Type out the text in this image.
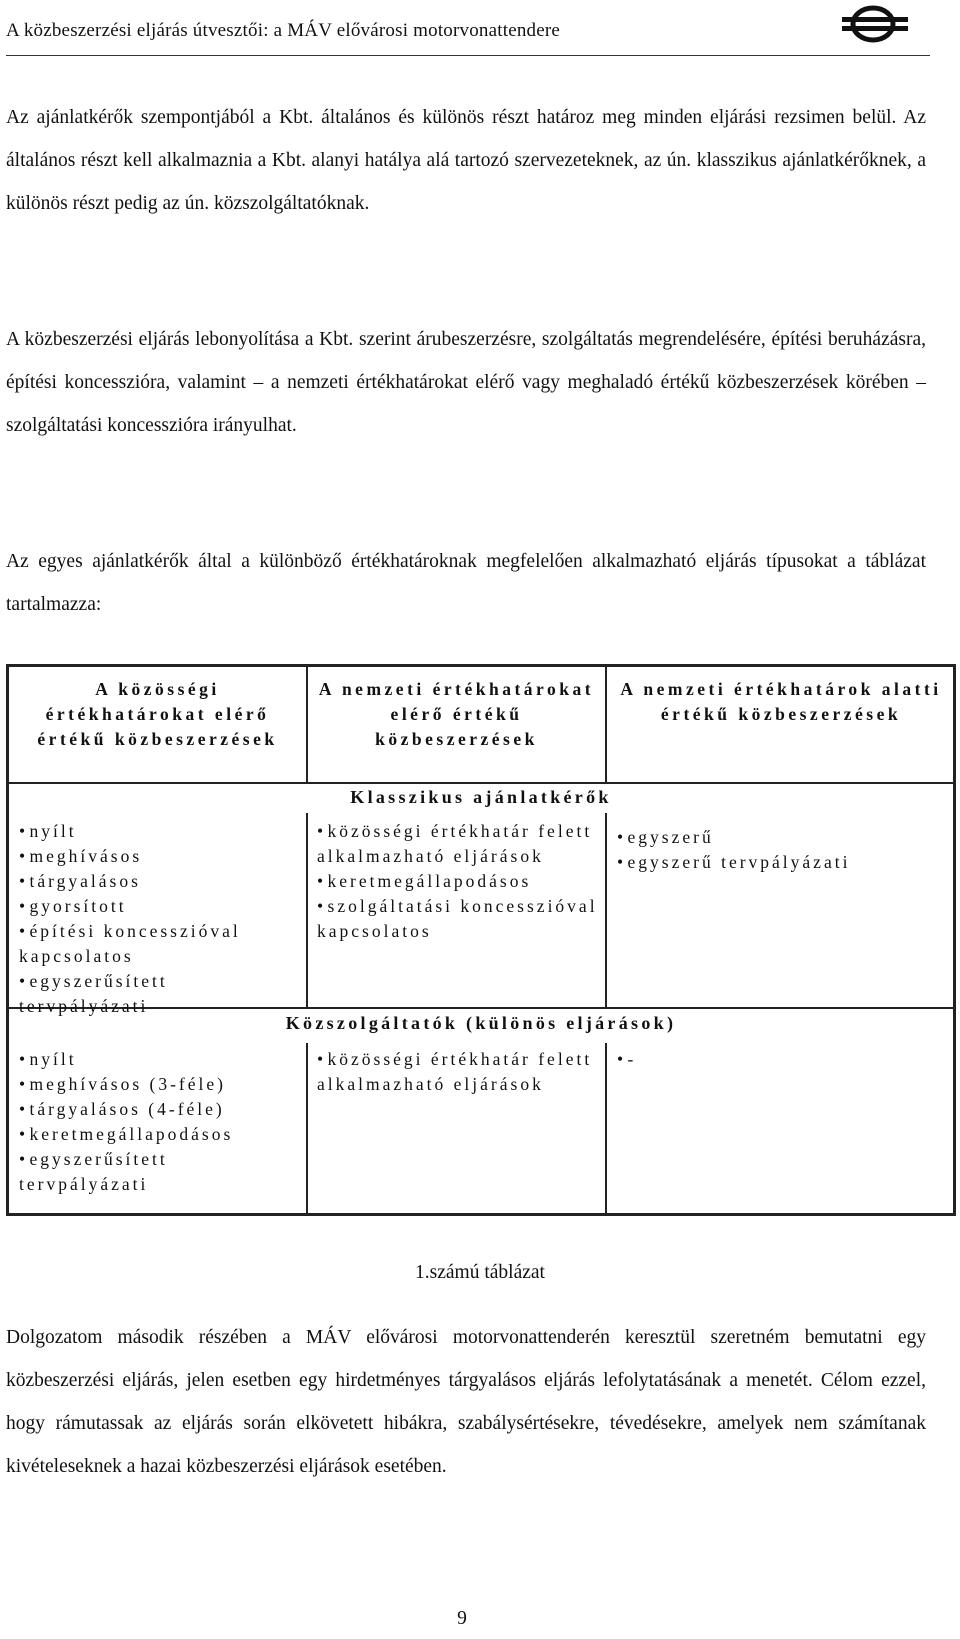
A közbeszerzési eljárás útvesztői: a MÁV elővárosi motorvonattendere
Az ajánlatkérők szempontjából a Kbt. általános és különös részt határoz meg minden eljárási rezsimen belül. Az általános részt kell alkalmaznia a Kbt. alanyi hatálya alá tartozó szervezeteknek, az ún. klasszikus ajánlatkérőknek, a különös részt pedig az ún. közszolgáltatóknak.
A közbeszerzési eljárás lebonyolítása a Kbt. szerint árubeszerzésre, szolgáltatás megrendelésére, építési beruházásra, építési koncesszióra, valamint – a nemzeti értékhatárokat elérő vagy meghaladó értékű közbeszerzések körében – szolgáltatási koncesszióra irányulhat.
Az egyes ajánlatkérők által a különböző értékhatároknak megfelelően alkalmazható eljárás típusokat a táblázat tartalmazza:
A közösségi értékhatárokat elérő értékű közbeszerzések
A nemzeti értékhatárokat elérő értékű közbeszerzések
A nemzeti értékhatárok alatti értékű közbeszerzések
Klasszikus ajánlatkérők
• nyílt
• meghívásos
• tárgyalásos
• gyorsított
• építési koncesszióval kapcsolatos
• egyszerűsített tervpályázati
• közösségi értékhatár felett alkalmazható eljárások
• keretmegállapodásos
• szolgáltatási koncesszióval kapcsolatos
• egyszerű
• egyszerű tervpályázati
Közszolgáltatók (különös eljárások)
• nyílt
• meghívásos (3-féle)
• tárgyalásos (4-féle)
• keretmegállapodásos
• egyszerűsített tervpályázati
• közösségi értékhatár felett alkalmazható eljárások
• -
1.számú táblázat
Dolgozatom második részében a MÁV elővárosi motorvonattenderén keresztül szeretném bemutatni egy közbeszerzési eljárás, jelen esetben egy hirdetményes tárgyalásos eljárás lefolytatásának a menetét. Célom ezzel, hogy rámutassak az eljárás során elkövetett hibákra, szabálysértésekre, tévedésekre, amelyek nem számítanak kivételeseknek a hazai közbeszerzési eljárások esetében.
9
